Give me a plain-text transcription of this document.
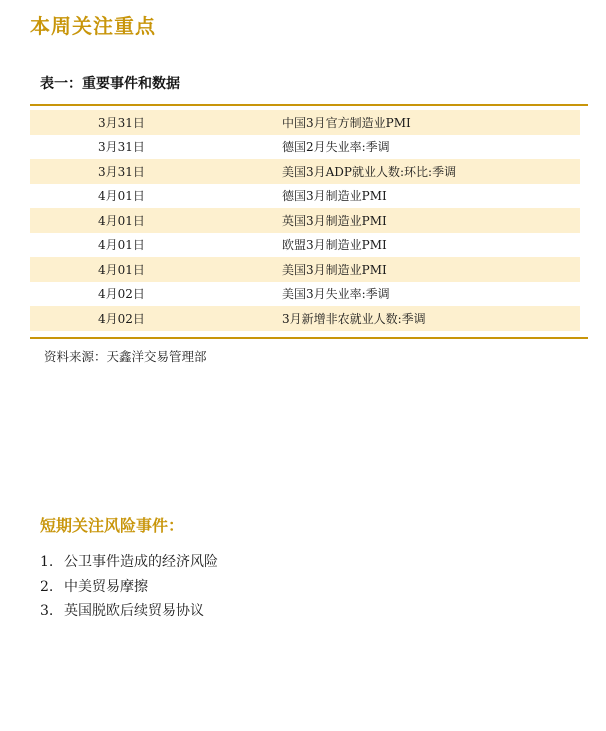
本周关注重点
表一：重要事件和数据
3月31日	中国3月官方制造业PMI
3月31日	德国2月失业率:季调
3月31日	美国3月ADP就业人数:环比:季调
4月01日	德国3月制造业PMI
4月01日	英国3月制造业PMI
4月01日	欧盟3月制造业PMI
4月01日	美国3月制造业PMI
4月02日	美国3月失业率:季调
4月02日	3月新增非农就业人数:季调
资料来源：天鑫洋交易管理部
短期关注风险事件：
1. 公卫事件造成的经济风险
2. 中美贸易摩擦
3. 英国脱欧后续贸易协议
